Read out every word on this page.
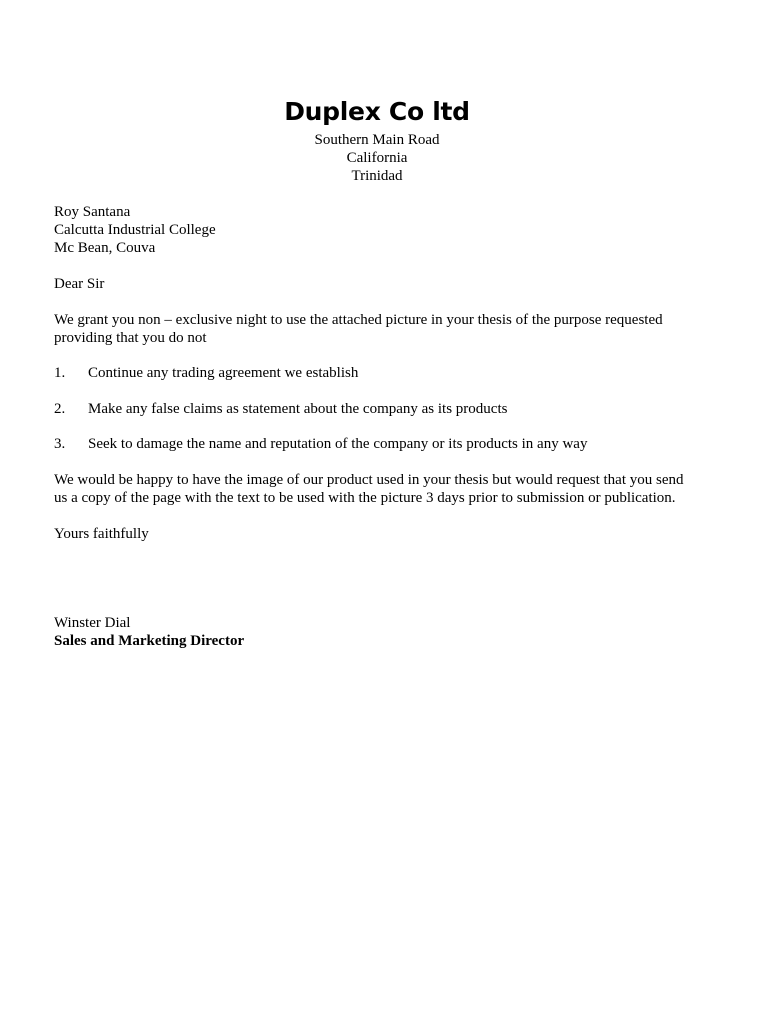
Duplex Co ltd
Southern Main Road
California
Trinidad
Roy Santana
Calcutta Industrial College
Mc Bean, Couva
Dear Sir
We grant you non – exclusive night to use the attached picture in your thesis of the purpose requested providing that you do not
1. Continue any trading agreement we establish
2. Make any false claims as statement about the company as its products
3. Seek to damage the name and reputation of the company or its products in any way
We would be happy to have the image of our product used in your thesis but would request that you send us a copy of the page with the text to be used with the picture 3 days prior to submission or publication.
Yours faithfully
Winster Dial
Sales and Marketing Director
